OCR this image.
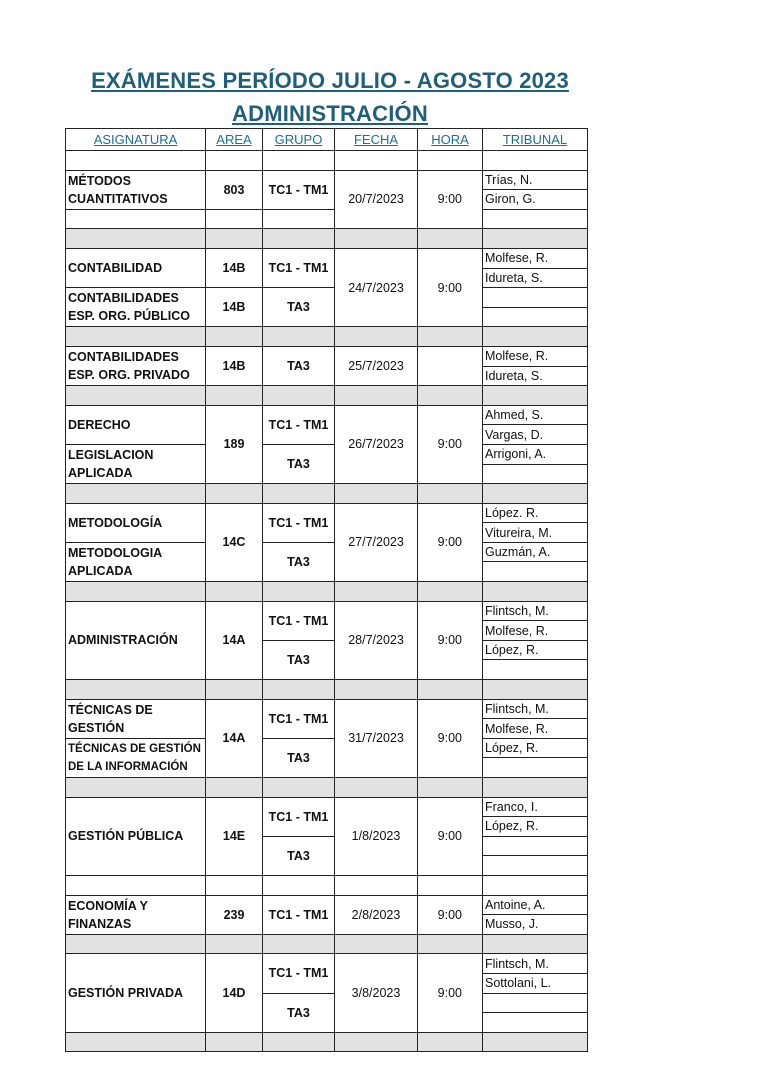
EXÁMENES PERÍODO JULIO - AGOSTO 2023
ADMINISTRACIÓN
ASIGNATURA	AREA	GRUPO	FECHA	HORA	TRIBUNAL

MÉTODOS CUANTITATIVOS	803	TC1 - TM1	20/7/2023	9:00	Trías, N.
					Giron, G.

CONTABILIDAD	14B	TC1 - TM1	24/7/2023	9:00	Molfese, R.
					Idureta, S.
CONTABILIDADES ESP. ORG. PÚBLICO	14B	TA3			

CONTABILIDADES ESP. ORG. PRIVADO	14B	TA3	25/7/2023		Molfese, R.
					Idureta, S.

DERECHO	189	TC1 - TM1	26/7/2023	9:00	Ahmed, S.
					Vargas, D.
LEGISLACION APLICADA		TA3			Arrigoni, A.

METODOLOGÍA	14C	TC1 - TM1	27/7/2023	9:00	López. R.
					Vitureira, M.
METODOLOGIA APLICADA		TA3			Guzmán, A.

ADMINISTRACIÓN	14A	TC1 - TM1	28/7/2023	9:00	Flintsch, M.
					Molfese, R.
		TA3			López, R.

TÉCNICAS DE GESTIÓN	14A	TC1 - TM1	31/7/2023	9:00	Flintsch, M.
					Molfese, R.
TÉCNICAS DE GESTIÓN DE LA INFORMACIÓN		TA3			López, R.

GESTIÓN PÚBLICA	14E	TC1 - TM1	1/8/2023	9:00	Franco, I.
					López, R.
		TA3			

ECONOMÍA Y FINANZAS	239	TC1 - TM1	2/8/2023	9:00	Antoine, A.
					Musso, J.

GESTIÓN PRIVADA	14D	TC1 - TM1	3/8/2023	9:00	Flintsch, M.
					Sottolani, L.
		TA3			
